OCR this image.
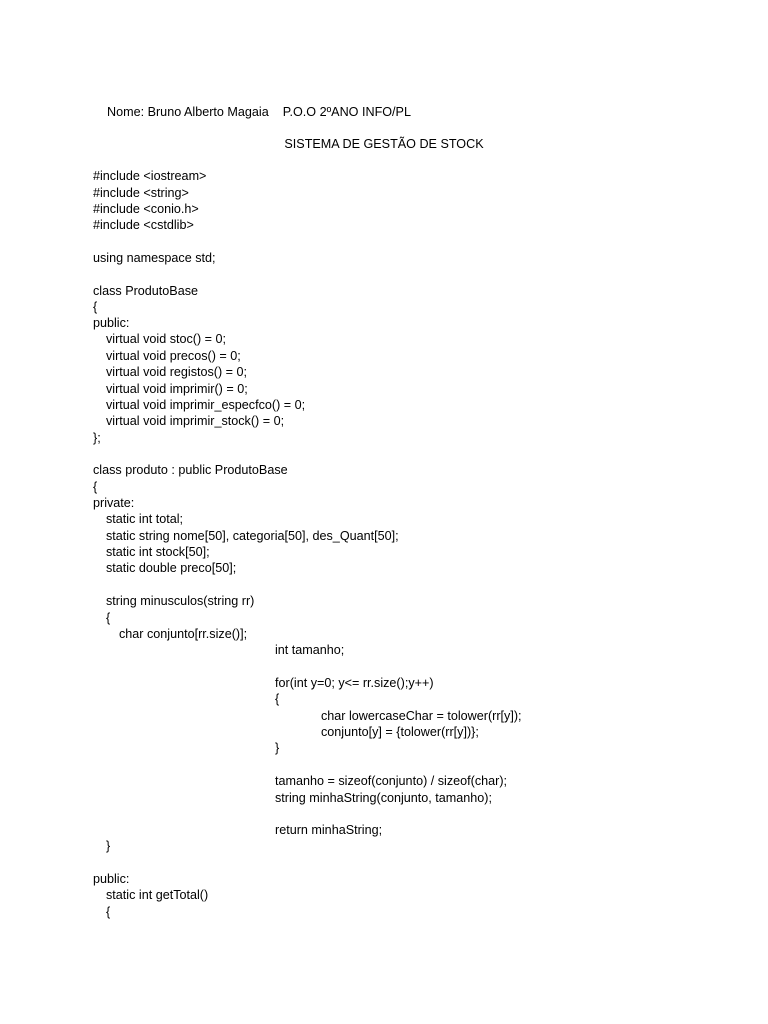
Nome: Bruno Alberto Magaia P.O.O 2ºANO INFO/PL

SISTEMA DE GESTÃO DE STOCK
#include <iostream>
#include <string>
#include <conio.h>
#include <cstdlib>
using namespace std;
class ProdutoBase
{
public:
virtual void stoc() = 0;
virtual void precos() = 0;
virtual void registos() = 0;
virtual void imprimir() = 0;
virtual void imprimir_especfco() = 0;
virtual void imprimir_stock() = 0;
};
class produto : public ProdutoBase
{
private:
static int total;
static string nome[50], categoria[50], des_Quant[50];
static int stock[50];
static double preco[50];
string minusculos(string rr)
{
char conjunto[rr.size()];
int tamanho;
for(int y=0; y<= rr.size();y++)
{
char lowercaseChar = tolower(rr[y]);
conjunto[y] = {tolower(rr[y])};
}
tamanho = sizeof(conjunto) / sizeof(char);
string minhaString(conjunto, tamanho);
return minhaString;
}
public:
static int getTotal()
{
